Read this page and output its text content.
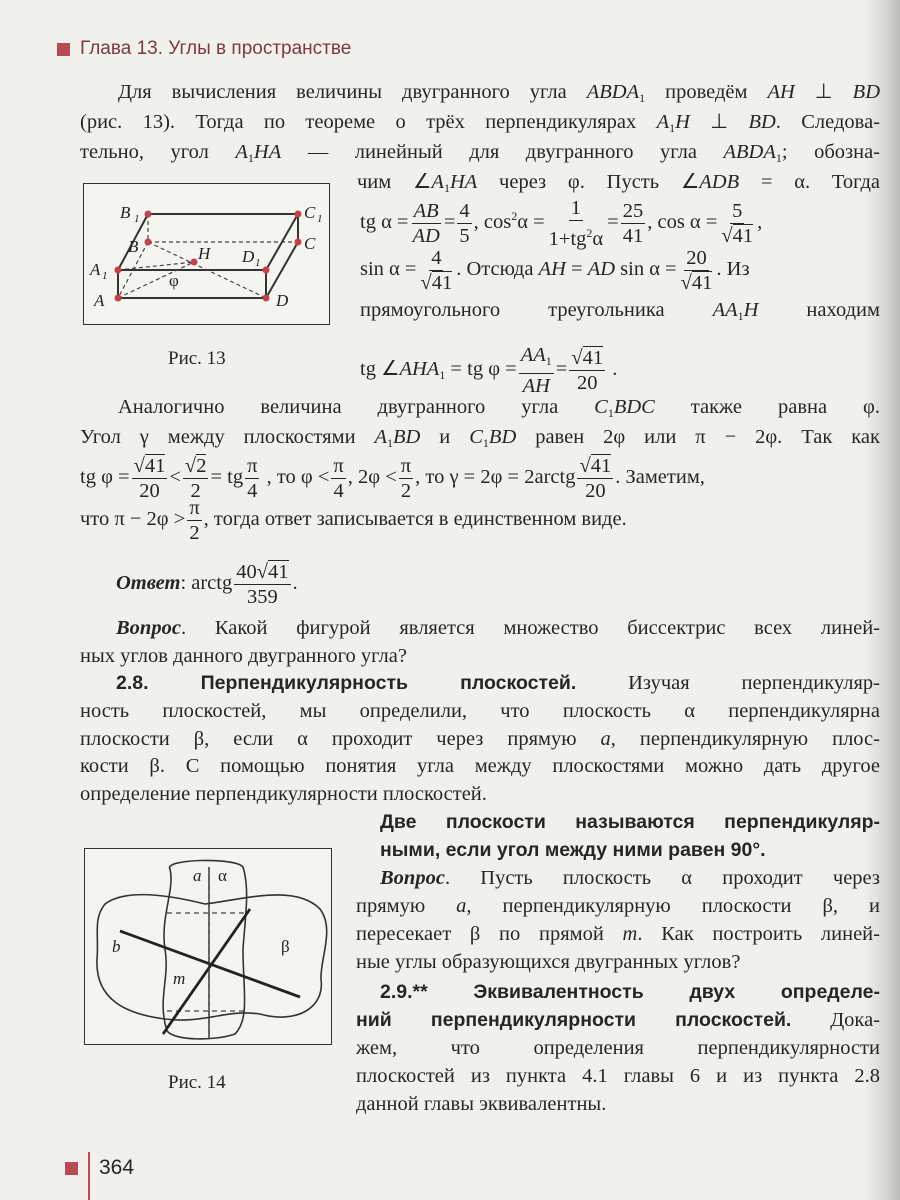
Глава 13. Углы в пространстве
Для вычисления величины двугранного угла $ABDA_1$ проведём AH ⊥ BD
(рис. 13). Тогда по теореме о трёх перпендикулярах $A_1H$ ⊥ BD. Следова-
тельно, угол $A_1HA$ — линейный для двугранного угла $ABDA_1$; обозна-
чим $\angle A_1HA$ через φ. Пусть ∠ADB = α. Тогда
tg $\alpha = \frac{AB}{AD} = \frac{4}{5}$ , $\cos^2\alpha = \frac{1}{1+tg^2\alpha} = \frac{25}{41}$ , $\cos \alpha = \frac{5}{√41}$ ,
$\sin \alpha = \frac{4}{√41}$ . Отсюда AH = AD $\sin \alpha = \frac{20}{√41}$ . Из
прямоугольного треугольника $AA_1H$ находим
tg $\angle AHA_1$ = tg $\varphi = \frac{AA_1}{AH} = \frac{√41}{20}$ .
Аналогично величина двугранного угла $C_1BDC$ также равна φ.
Угол γ между плоскостями $A_1BD$ и $C_1BD$ равен 2φ или π − 2φ. Так как
tg $\varphi = \frac{√41}{20} < \frac{√2}{2}$ = tg $\frac{\pi}{4}$ , то $\varphi < \frac{\pi}{4}$ , $2\varphi < \frac{\pi}{2}$ , то γ = 2φ = 2arctg $\frac{√41}{20}$ . Заметим,
что $\pi - 2\varphi > \frac{\pi}{2}$ , тогда ответ записывается в единственном виде.
Ответ: arctg $\frac{40√41}{359}$ .
Вопрос. Какой фигурой является множество биссектрис всех линей-
ных углов данного двугранного угла?
2.8. Перпендикулярность плоскостей. Изучая перпендикуляр-
ность плоскостей, мы определили, что плоскость α перпендикулярна
плоскости β, если α проходит через прямую a, перпендикулярную плос-
кости β. С помощью понятия угла между плоскостями можно дать другое
определение перпендикулярности плоскостей.
Две плоскости называются перпендикуляр-
ными, если угол между ними равен 90°.
Вопрос. Пусть плоскость α проходит через
прямую a, перпендикулярную плоскости β, и
пересекает β по прямой m. Как построить линей-
ные углы образующихся двугранных углов?
2.9.** Эквивалентность двух определе-
ний перпендикулярности плоскостей. Дока-
жем, что определения перпендикулярности
плоскостей из пункта 4.1 главы 6 и из пункта 2.8
данной главы эквивалентны.
B 1	C 1
B	C
H D 1
A 1	φ
A	D
Рис. 13
a α
b	β
m
Рис. 14
364
